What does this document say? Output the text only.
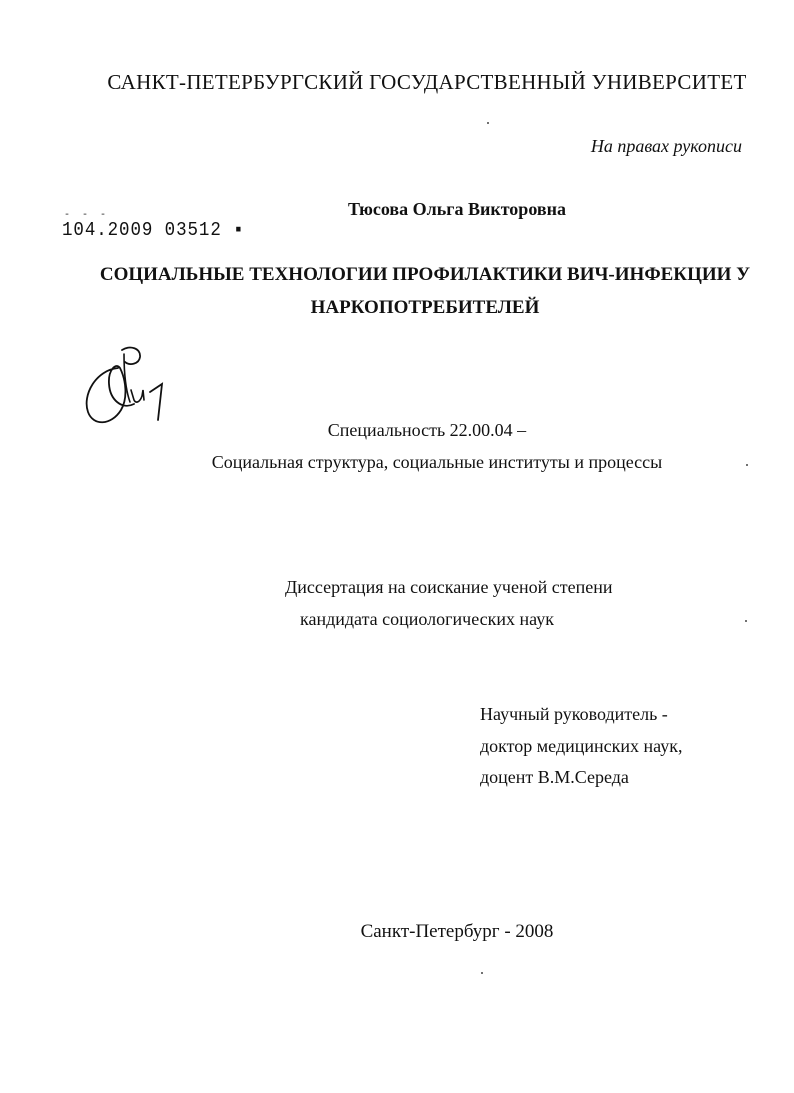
САНКТ-ПЕТЕРБУРГСКИЙ ГОСУДАРСТВЕННЫЙ УНИВЕРСИТЕТ
На правах рукописи
- - -
104.2009 03512 ▪
Тюсова Ольга Викторовна
СОЦИАЛЬНЫЕ ТЕХНОЛОГИИ ПРОФИЛАКТИКИ ВИЧ-ИНФЕКЦИИ У
НАРКОПОТРЕБИТЕЛЕЙ
Специальность 22.00.04 –
Социальная структура, социальные институты и процессы
Диссертация на соискание ученой степени
кандидата социологических наук
Научный руководитель -
доктор медицинских наук,
доцент В.М.Середа
Санкт-Петербург - 2008
